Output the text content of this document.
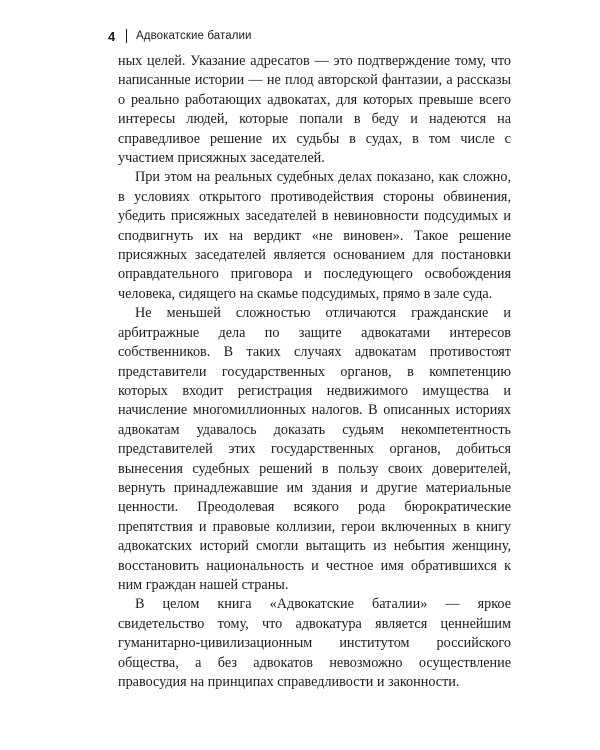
4	Адвокатские баталии

ных целей. Указание адресатов — это подтверждение тому, что написанные истории — не плод авторской фантазии, а рассказы о реально работающих адвокатах, для которых превыше всего интересы людей, которые попали в беду и надеются на справедливое решение их судьбы в судах, в том числе с участием присяжных заседателей.

При этом на реальных судебных делах показано, как сложно, в условиях открытого противодействия стороны обвинения, убедить присяжных заседателей в невиновности подсудимых и сподвигнуть их на вердикт «не виновен». Такое решение присяжных заседателей является основанием для постановки оправдательного приговора и последующего освобождения человека, сидящего на скамье подсудимых, прямо в зале суда.

Не меньшей сложностью отличаются гражданские и арбитражные дела по защите адвокатами интересов собственников. В таких случаях адвокатам противостоят представители государственных органов, в компетенцию которых входит регистрация недвижимого имущества и начисление многомиллионных налогов. В описанных историях адвокатам удавалось доказать судьям некомпетентность представителей этих государственных органов, добиться вынесения судебных решений в пользу своих доверителей, вернуть принадлежавшие им здания и другие материальные ценности. Преодолевая всякого рода бюрократические препятствия и правовые коллизии, герои включенных в книгу адвокатских историй смогли вытащить из небытия женщину, восстановить национальность и честное имя обратившихся к ним граждан нашей страны.

В целом книга «Адвокатские баталии» — яркое свидетельство тому, что адвокатура является ценнейшим гуманитарно-цивилизационным институтом российского общества, а без адвокатов невозможно осуществление правосудия на принципах справедливости и законности.
